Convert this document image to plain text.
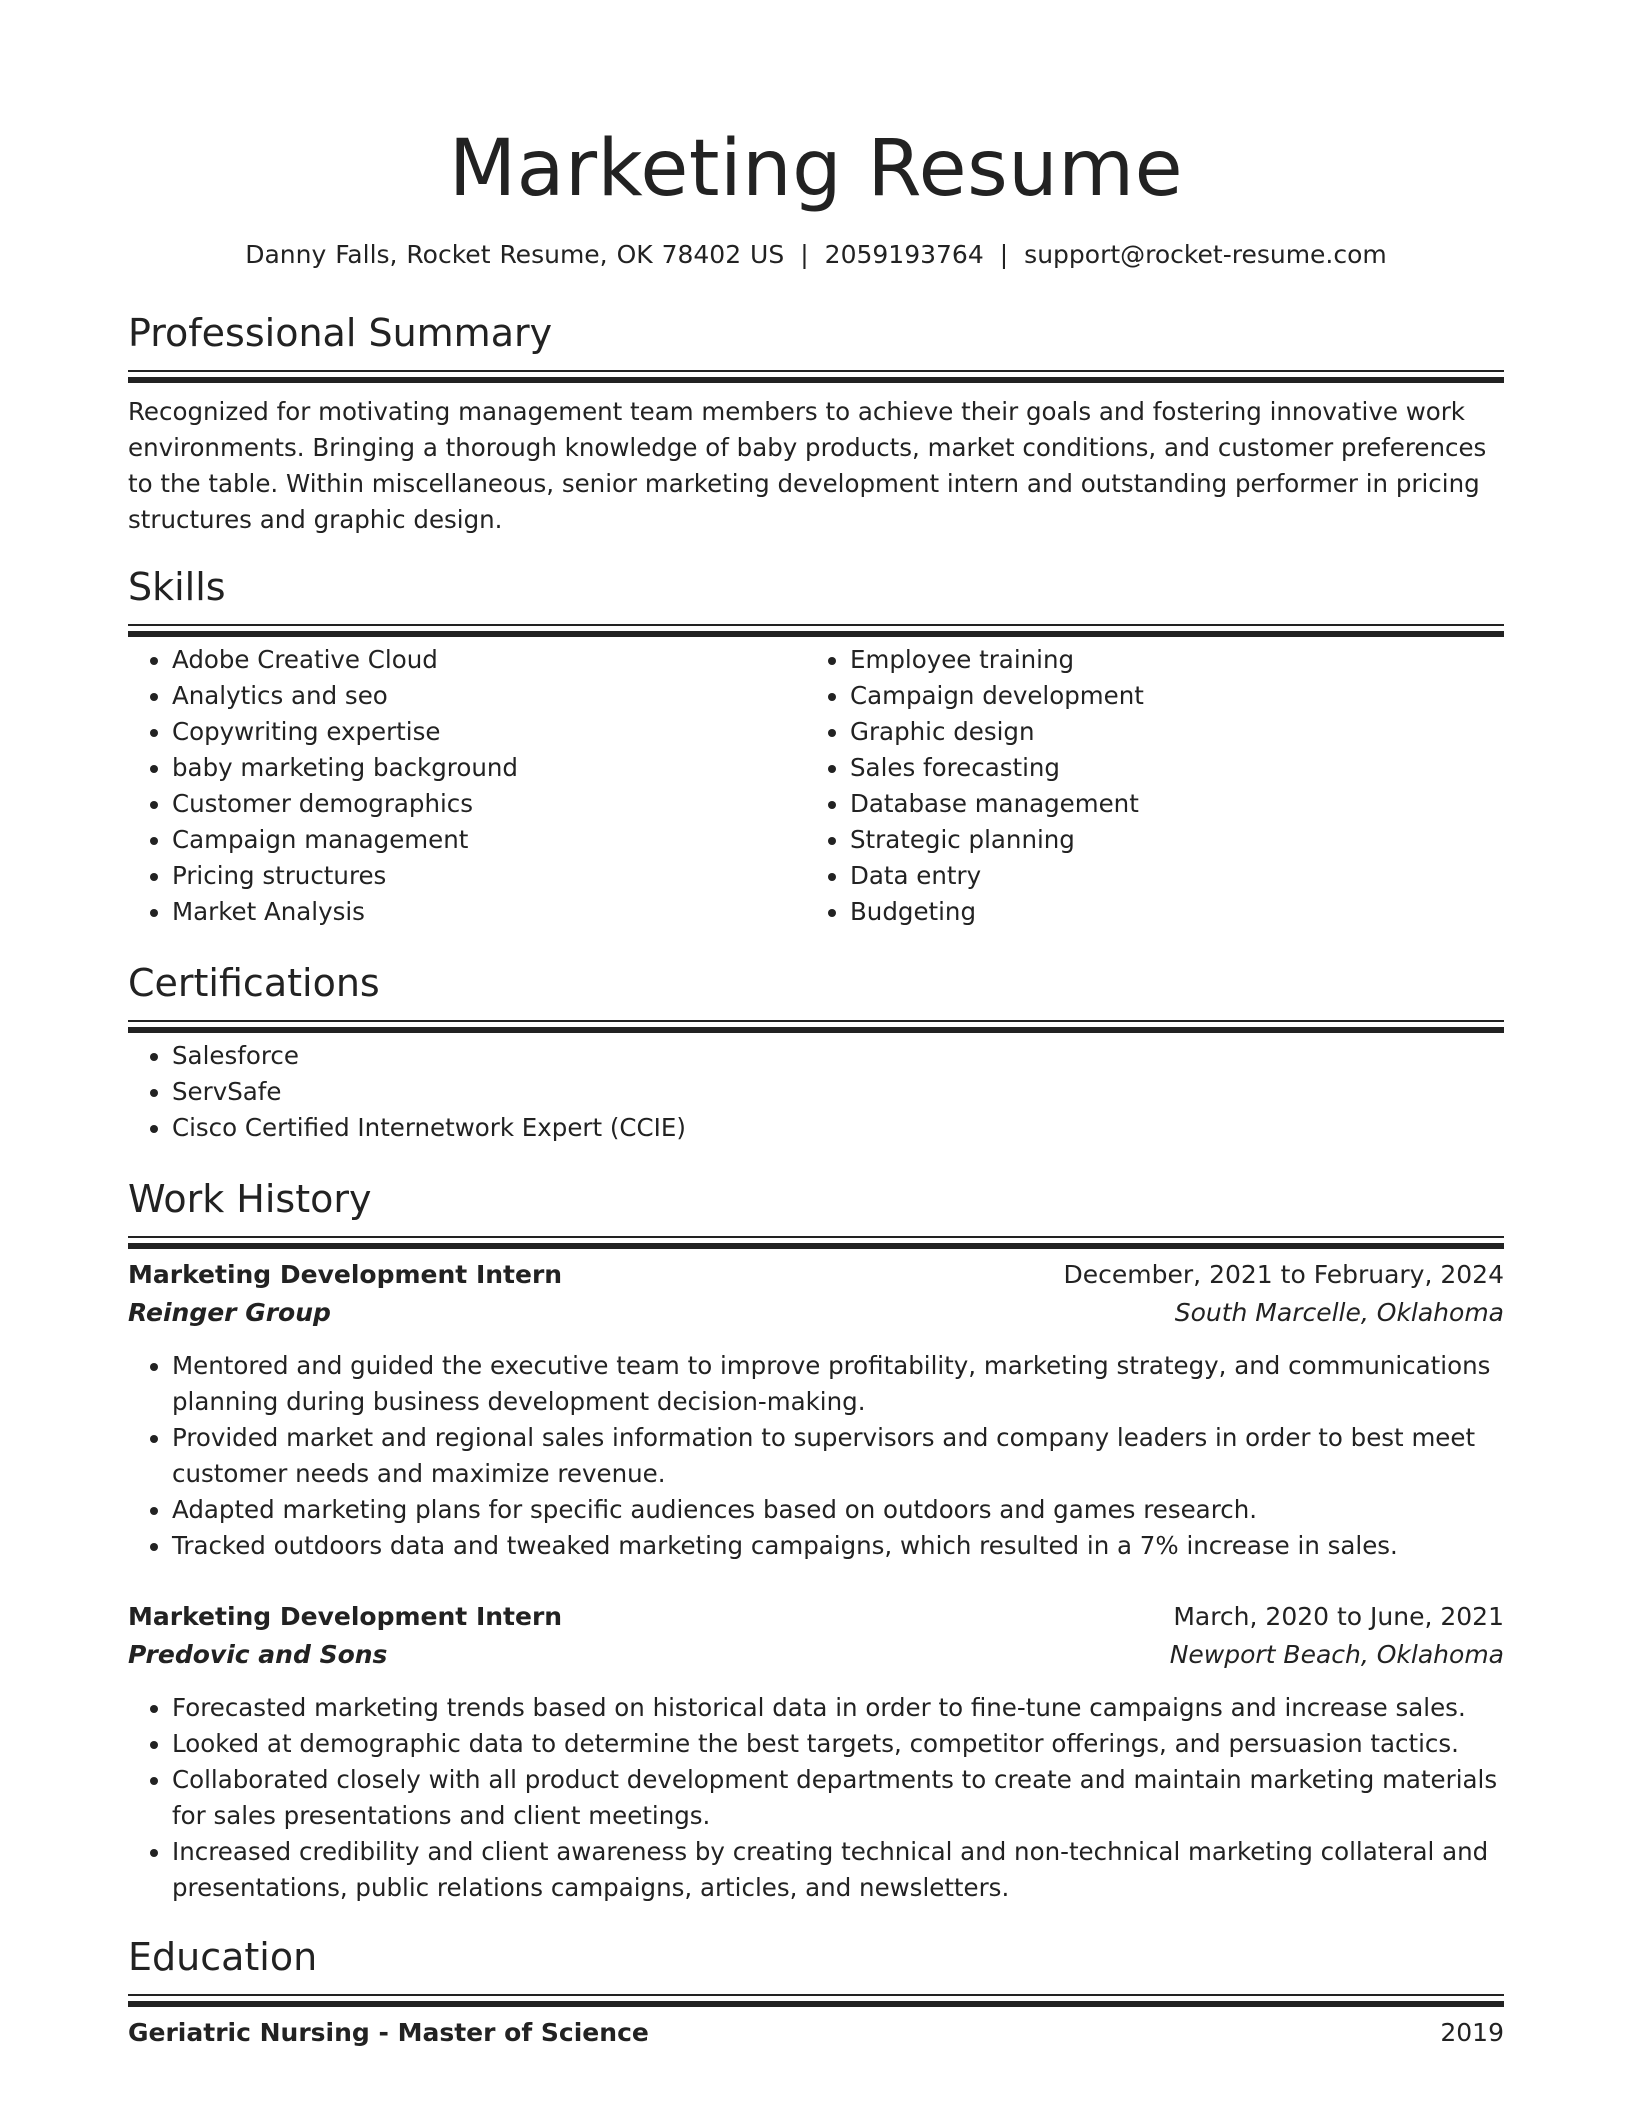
Marketing Resume
Danny Falls, Rocket Resume, OK 78402 US | 2059193764 | support@rocket-resume.com
Professional Summary
Recognized for motivating management team members to achieve their goals and fostering innovative work environments. Bringing a thorough knowledge of baby products, market conditions, and customer preferences to the table. Within miscellaneous, senior marketing development intern and outstanding performer in pricing structures and graphic design.
Skills
• Adobe Creative Cloud
• Analytics and seo
• Copywriting expertise
• baby marketing background
• Customer demographics
• Campaign management
• Pricing structures
• Market Analysis
• Employee training
• Campaign development
• Graphic design
• Sales forecasting
• Database management
• Strategic planning
• Data entry
• Budgeting
Certifications
• Salesforce
• ServSafe
• Cisco Certified Internetwork Expert (CCIE)
Work History
Marketing Development Intern	December, 2021 to February, 2024
Reinger Group	South Marcelle, Oklahoma
• Mentored and guided the executive team to improve profitability, marketing strategy, and communications planning during business development decision-making.
• Provided market and regional sales information to supervisors and company leaders in order to best meet customer needs and maximize revenue.
• Adapted marketing plans for specific audiences based on outdoors and games research.
• Tracked outdoors data and tweaked marketing campaigns, which resulted in a 7% increase in sales.
Marketing Development Intern	March, 2020 to June, 2021
Predovic and Sons	Newport Beach, Oklahoma
• Forecasted marketing trends based on historical data in order to fine-tune campaigns and increase sales.
• Looked at demographic data to determine the best targets, competitor offerings, and persuasion tactics.
• Collaborated closely with all product development departments to create and maintain marketing materials for sales presentations and client meetings.
• Increased credibility and client awareness by creating technical and non-technical marketing collateral and presentations, public relations campaigns, articles, and newsletters.
Education
Geriatric Nursing - Master of Science	2019
